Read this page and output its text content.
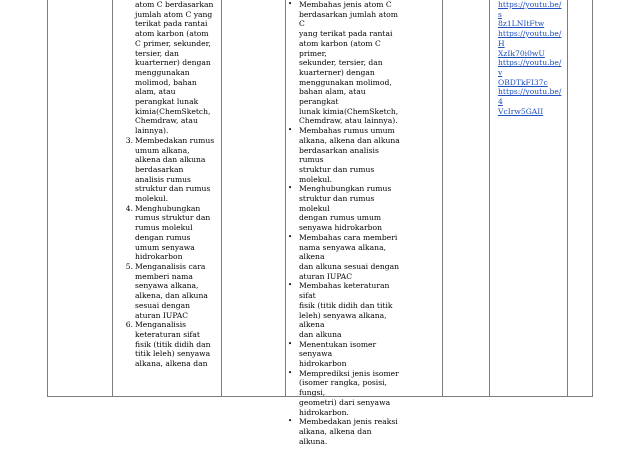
atom C berdasarkan
jumlah atom C yang
terikat pada rantai
atom karbon (atom
C primer, sekunder,
tersier, dan
kuarterner) dengan
menggunakan
molimod, bahan
alam, atau
perangkat lunak
kimia(ChemSketch,
Chemdraw, atau
lainnya).
3. Membedakan rumus
umum alkana,
alkena dan alkuna
berdasarkan
analisis rumus
struktur dan rumus
molekul.
4. Menghubungkan
rumus struktur dan
rumus molekul
dengan rumus
umum senyawa
hidrokarbon
5. Menganalisis cara
memberi nama
senyawa alkana,
alkena, dan alkuna
sesuai dengan
aturan IUPAC
6. Menganalisis
keteraturan sifat
fisik (titik didih dan
titik leleh) senyawa
alkana, alkena dan
• Membahas jenis atom C
berdasarkan jumlah atom C
yang terikat pada rantai
atom karbon (atom C primer,
sekunder, tersier, dan
kuarterner) dengan
menggunakan molimod,
bahan alam, atau perangkat
lunak kimia(ChemSketch,
Chemdraw, atau lainnya).
• Membahas rumus umum
alkana, alkena dan alkuna
berdasarkan analisis rumus
struktur dan rumus molekul.
• Menghubungkan rumus
struktur dan rumus molekul
dengan rumus umum
senyawa hidrokarbon
• Membahas cara memberi
nama senyawa alkana, alkena
dan alkuna sesuai dengan
aturan IUPAC
• Membahas keteraturan sifat
fisik (titik didih dan titik
leleh) senyawa alkana, alkena
dan alkuna
• Menentukan isomer senyawa
hidrokarbon
• Memprediksi jenis isomer
(isomer rangka, posisi, fungsi,
geometri) dari senyawa
hidrokarbon.
• Membedakan jenis reaksi
alkana, alkena dan alkuna.
https://youtu.be/s
8z1LNItFtw
https://youtu.be/H
XzIk70i0wU
https://youtu.be/v
OBDTkFI37c
https://youtu.be/4
VcIrw5GAII
